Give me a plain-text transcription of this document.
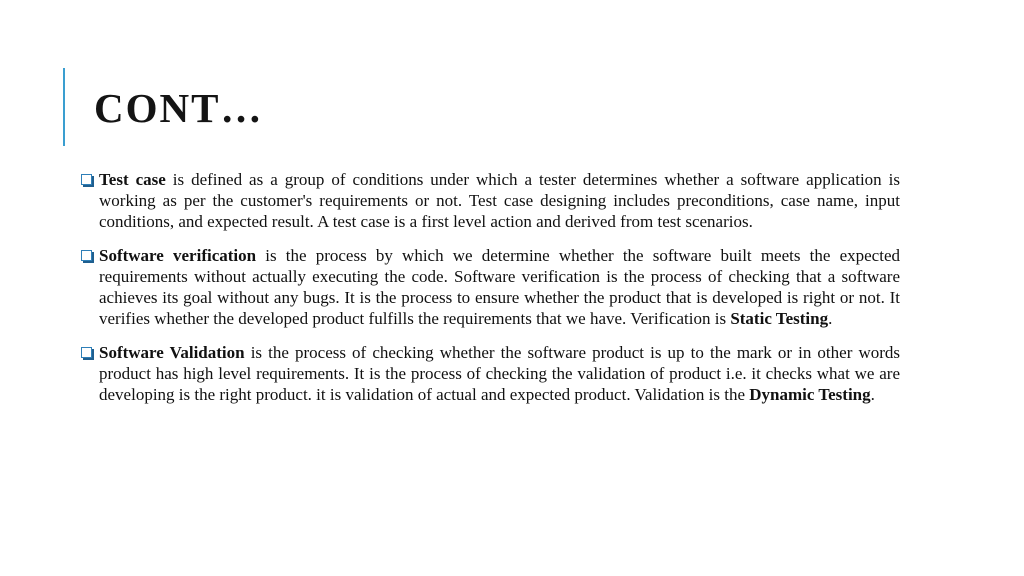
CONT…
Test case is defined as a group of conditions under which a tester determines whether a software application is working as per the customer's requirements or not. Test case designing includes preconditions, case name, input conditions, and expected result. A test case is a first level action and derived from test scenarios.
Software verification is the process by which we determine whether the software built meets the expected requirements without actually executing the code. Software verification is the process of checking that a software achieves its goal without any bugs. It is the process to ensure whether the product that is developed is right or not. It verifies whether the developed product fulfills the requirements that we have. Verification is Static Testing.
Software Validation is the process of checking whether the software product is up to the mark or in other words product has high level requirements. It is the process of checking the validation of product i.e. it checks what we are developing is the right product. it is validation of actual and expected product. Validation is the Dynamic Testing.
